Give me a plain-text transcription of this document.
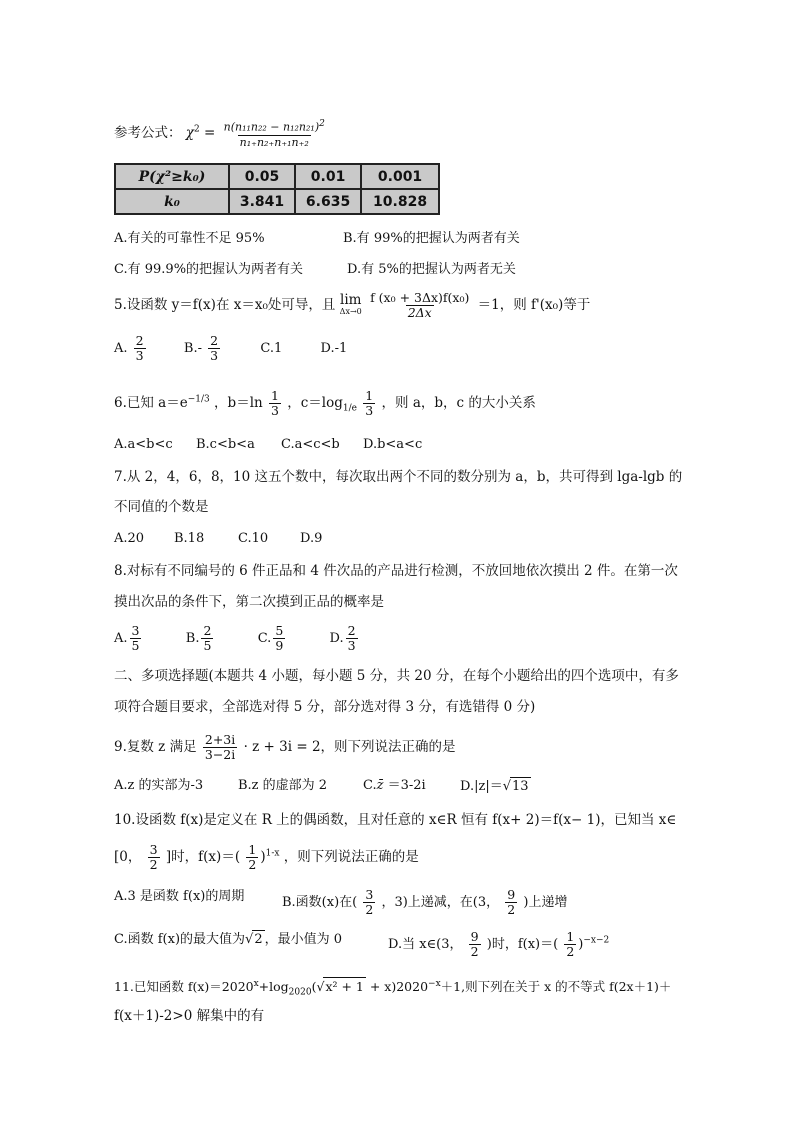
参考公式： $\chi^2 = \frac{n(n_{11}n_{22} - n_{12}n_{21})^2}{\text{n₁₊n₂₊n₊₁n₊₂}}$
P(χ²≥k₀)	0.05	0.01	0.001
k₀	3.841	6.635	10.828
A.有关的可靠性不足 95%	B.有 99%的把握认为两者有关
C.有 99.9%的把握认为两者有关	D.有 5%的把握认为两者无关
5.设函数 y＝f(x)在 x＝x₀处可导，且 lim
Δx→0
$\frac{\text{f (x₀ + 3Δx)f(x₀)}}{2\Delta x} =1$，则 f'(x₀)等于
A. $\frac{2}{3}$	$B.- \frac{2}{3}$	C.1	D.-1
6.已知 $a=e^{-1/3}$ ，$b=\ln \frac{1}{3}$ ，$c=\log_{1/e} \frac{1}{3}$ ，则 a，b，c 的大小关系
A.a<b<c B.c<b<a C.a<c<b D.b<a<c
7.从 2，4，6，8，10 这五个数中，每次取出两个不同的数分别为 a，b，共可得到 lga-lgb 的
不同值的个数是
A.20 B.18	C.10 D.9
8.对标有不同编号的 6 件正品和 4 件次品的产品进行检测，不放回地依次摸出 2 件。在第一次
摸出次品的条件下，第二次摸到正品的概率是
A. $\frac{3}{5}$	B. $\frac{2}{5}$	C. $\frac{5}{9}$	D. $\frac{2}{3}$
二、多项选择题(本题共 4 小题，每小题 5 分，共 20 分，在每个小题给出的四个选项中，有多
项符合题目要求，全部选对得 5 分，部分选对得 3 分，有选错得 0 分)
9.复数 z 满足 $\frac{2+3i}{3-2i} \cdot z + 3i = 2$，则下列说法正确的是
A.z 的实部为-3	B.z 的虚部为 2	C.z̄ ＝3-2i	D.|z|＝√13
10.设函数 f(x)是定义在 R 上的偶函数，且对任意的 x∈R 恒有 f(x+ 2)＝f(x− 1)，已知当 x∈
[0， $\frac{3}{2}$ ]时，$f(x)=( \frac{1}{2} )^{1-x}$ ，则下列说法正确的是
A.3 是函数 f(x)的周期	B.函数(x)在( $\frac{3}{2}$ ，3)上递减，在(3， $\frac{9}{2}$ )上递增
C.函数 f(x)的最大值为√2 ，最小值为 0	D.当 x∈(3， $\frac{9}{2}$ )时，$f(x)=( \frac{1}{2} )^{-x-2}$
11.已知函数 $f(x)=2020^x+\log_{2020}(√x^2 + 1 + x)2020^{-x}+1$,则下列在关于 x 的不等式 f(2x＋1)＋
f(x＋1)-2>0 解集中的有
